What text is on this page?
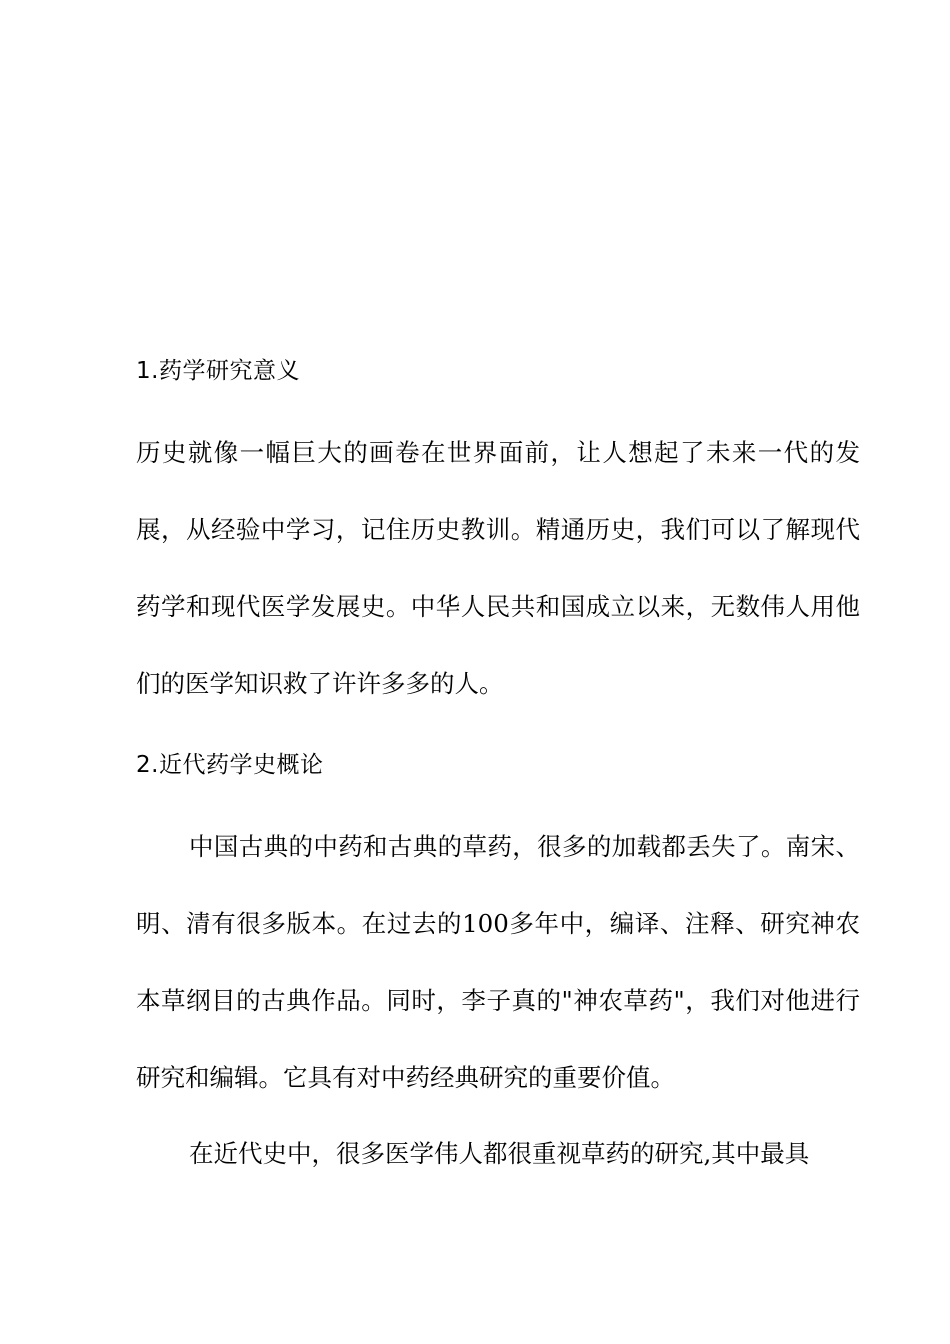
1.药学研究意义

历史就像一幅巨大的画卷在世界面前，让人想起了未来一代的发展，从经验中学习，记住历史教训。精通历史，我们可以了解现代药学和现代医学发展史。中华人民共和国成立以来，无数伟人用他们的医学知识救了许许多多的人。

2.近代药学史概论

中国古典的中药和古典的草药，很多的加载都丢失了。南宋、明、清有很多版本。在过去的100多年中，编译、注释、研究神农本草纲目的古典作品。同时，李子真的"神农草药"，我们对他进行研究和编辑。它具有对中药经典研究的重要价值。

在近代史中，很多医学伟人都很重视草药的研究,其中最具
